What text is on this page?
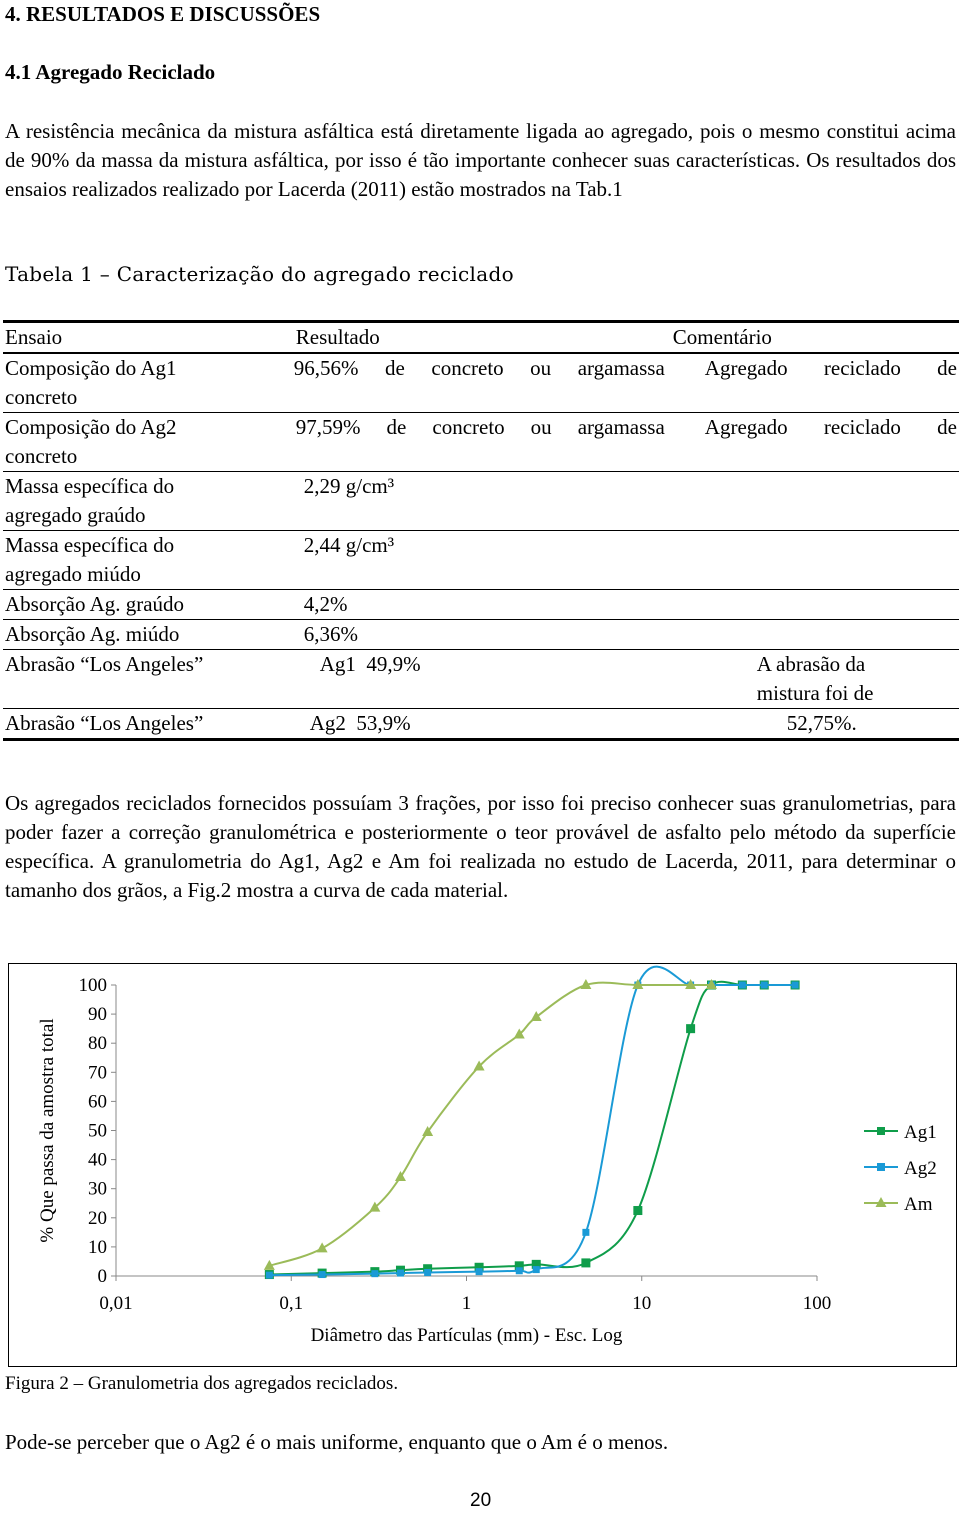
4. RESULTADOS E DISCUSSÕES
4.1 Agregado Reciclado
A resistência mecânica da mistura asfáltica está diretamente ligada ao agregado, pois o mesmo constitui acima de 90% da massa da mistura asfáltica, por isso é tão importante conhecer suas características. Os resultados dos ensaios realizados realizado por Lacerda (2011) estão mostrados na Tab.1
Tabela 1 – Caracterização do agregado reciclado
Ensaio	Resultado	Comentário
Composição do Ag1	96,56% de concreto ou argamassa	Agregado reciclado de
concreto
Composição do Ag2	97,59% de concreto ou argamassa	Agregado reciclado de
concreto
Massa específica do	2,29 g/cm³	
agregado graúdo
Massa específica do	2,44 g/cm³	
agregado miúdo
Absorção Ag. graúdo	4,2%	
Absorção Ag. miúdo	6,36%	
Abrasão “Los Angeles”	Ag1  49,9%	A abrasão da
mistura foi de

Abrasão “Los Angeles”	Ag2  53,9%	52,75%.
Os agregados reciclados fornecidos possuíam 3 frações, por isso foi preciso conhecer suas granulometrias, para poder fazer a correção granulométrica e posteriormente o teor provável de asfalto pelo método da superfície específica. A granulometria do Ag1, Ag2 e Am foi realizada no estudo de Lacerda, 2011, para determinar o tamanho dos grãos, a Fig.2 mostra a curva de cada material.
0
10
20
30
40
50
60
70
80
90
100
0,01	0,1	1	10	100
Diâmetro das Partículas (mm) - Esc. Log
% Que passa da amostra total	Ag1
Ag2
Am
Figura 2 – Granulometria dos agregados reciclados.
Pode-se perceber que o Ag2 é o mais uniforme, enquanto que o Am é o menos.
20
